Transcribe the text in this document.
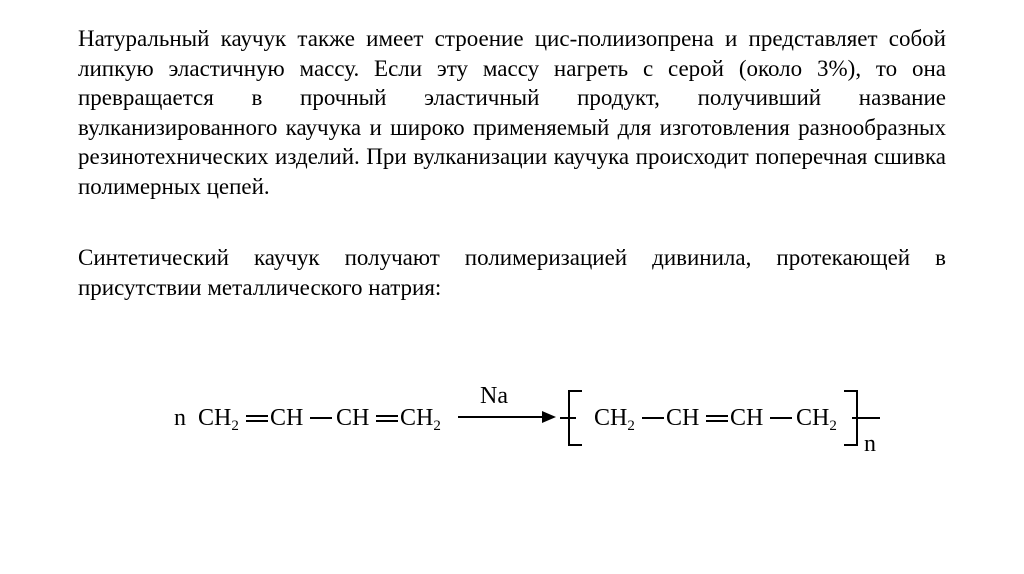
Натуральный каучук также имеет строение цис-полиизопрена и представляет собой липкую эластичную массу. Если эту массу нагреть с серой (около 3%), то она превращается в прочный эластичный продукт, получивший название вулканизированного каучука и широко применяемый для изготовления разнообразных резинотехнических изделий. При вулканизации каучука происходит поперечная сшивка полимерных цепей.

Синтетический каучук получают полимеризацией дивинила, протекающей в присутствии металлического натрия:

n $CH_2$ CH CH $CH_2$
Na
$CH_2$ CH CH $CH_2$
n
